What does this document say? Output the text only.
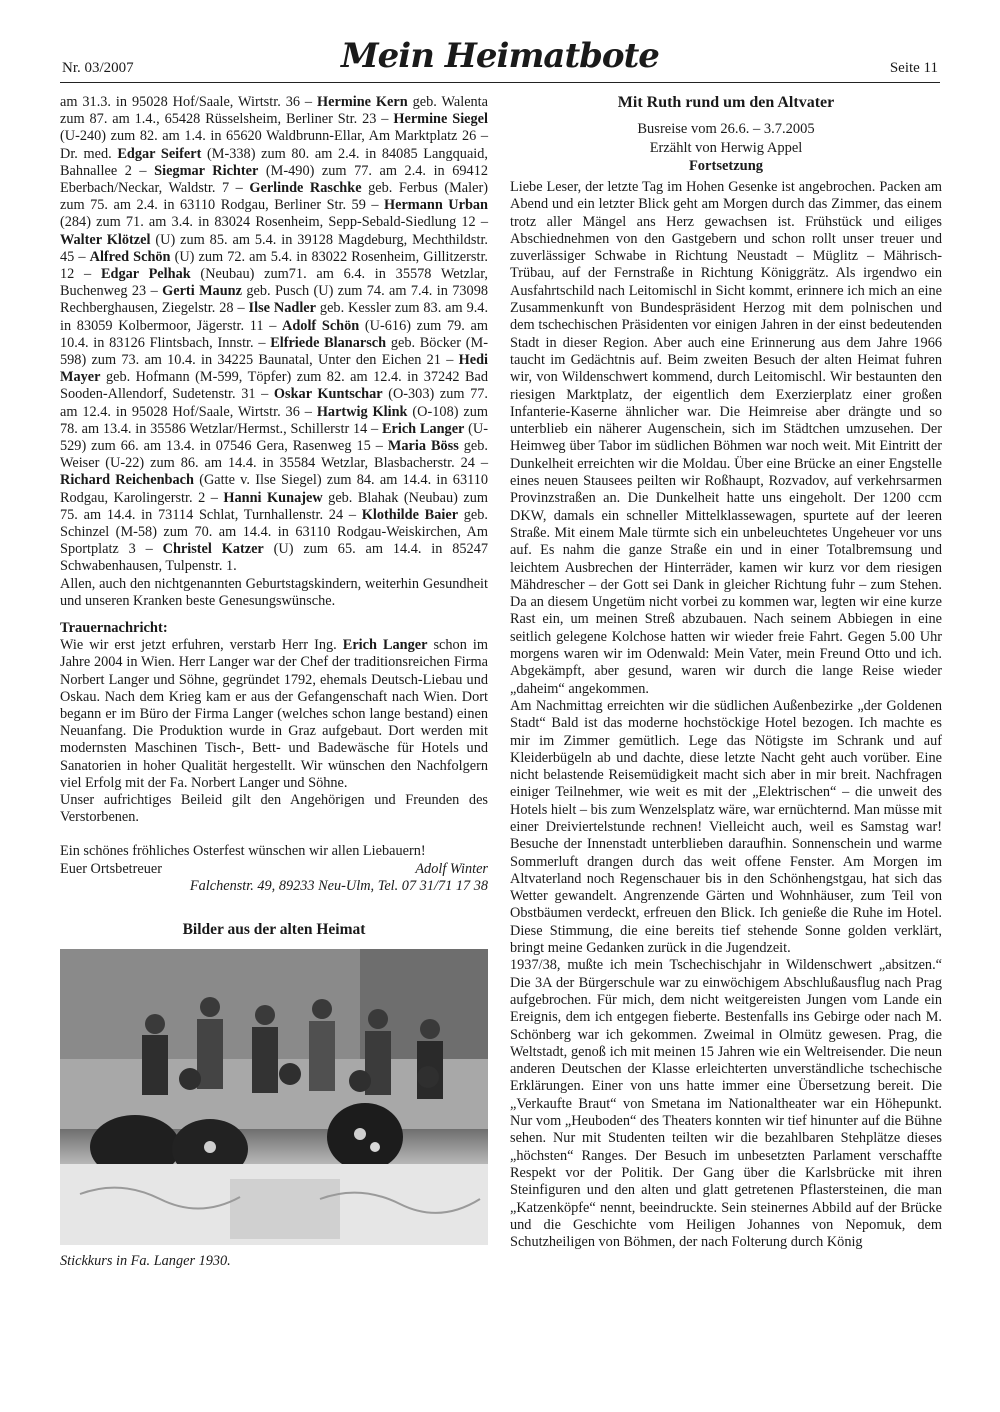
Nr. 03/2007	Mein Heimatbote	Seite 11

am 31.3. in 95028 Hof/Saale, Wirtstr. 36 – Hermine Kern geb. Walenta zum 87. am 1.4., 65428 Rüsselsheim, Berliner Str. 23 – Hermine Siegel (U-240) zum 82. am 1.4. in 65620 Waldbrunn-Ellar, Am Marktplatz 26 – Dr. med. Edgar Seifert (M-338) zum 80. am 2.4. in 84085 Langquaid, Bahnallee 2 – Siegmar Richter (M-490) zum 77. am 2.4. in 69412 Eberbach/Neckar, Waldstr. 7 – Gerlinde Raschke geb. Ferbus (Maler) zum 75. am 2.4. in 63110 Rodgau, Berliner Str. 59 – Hermann Urban (284) zum 71. am 3.4. in 83024 Rosenheim, Sepp-Sebald-Siedlung 12 – Walter Klötzel (U) zum 85. am 5.4. in 39128 Magdeburg, Mechthildstr. 45 – Alfred Schön (U) zum 72. am 5.4. in 83022 Rosenheim, Gillitzerstr. 12 – Edgar Pelhak (Neubau) zum71. am 6.4. in 35578 Wetzlar, Buchenweg 23 – Gerti Maunz geb. Pusch (U) zum 74. am 7.4. in 73098 Rechberghausen, Ziegelstr. 28 – Ilse Nadler geb. Kessler zum 83. am 9.4. in 83059 Kolbermoor, Jägerstr. 11 – Adolf Schön (U-616) zum 79. am 10.4. in 83126 Flintsbach, Innstr. – Elfriede Blanarsch geb. Böcker (M-598) zum 73. am 10.4. in 34225 Baunatal, Unter den Eichen 21 – Hedi Mayer geb. Hofmann (M-599, Töpfer) zum 82. am 12.4. in 37242 Bad Sooden-Allendorf, Sudetenstr. 31 – Oskar Kuntschar (O-303) zum 77. am 12.4. in 95028 Hof/Saale, Wirtstr. 36 – Hartwig Klink (O-108) zum 78. am 13.4. in 35586 Wetzlar/Hermst., Schillerstr 14 – Erich Langer (U-529) zum 66. am 13.4. in 07546 Gera, Rasenweg 15 – Maria Böss geb. Weiser (U-22) zum 86. am 14.4. in 35584 Wetzlar, Blasbacherstr. 24 – Richard Reichenbach (Gatte v. Ilse Siegel) zum 84. am 14.4. in 63110 Rodgau, Karolingerstr. 2 – Hanni Kunajew geb. Blahak (Neubau) zum 75. am 14.4. in 73114 Schlat, Turnhallenstr. 24 – Klothilde Baier geb. Schinzel (M-58) zum 70. am 14.4. in 63110 Rodgau-Weiskirchen, Am Sportplatz 3 – Christel Katzer (U) zum 65. am 14.4. in 85247 Schwabenhausen, Tulpenstr. 1.

Allen, auch den nichtgenannten Geburtstagskindern, weiterhin Gesundheit und unseren Kranken beste Genesungswünsche.

Trauernachricht:

Wie wir erst jetzt erfuhren, verstarb Herr Ing. Erich Langer schon im Jahre 2004 in Wien. Herr Langer war der Chef der traditionsreichen Firma Norbert Langer und Söhne, gegründet 1792, ehemals Deutsch-Liebau und Oskau. Nach dem Krieg kam er aus der Gefangenschaft nach Wien. Dort begann er im Büro der Firma Langer (welches schon lange bestand) einen Neuanfang. Die Produktion wurde in Graz aufgebaut. Dort werden mit modernsten Maschinen Tisch-, Bett- und Badewäsche für Hotels und Sanatorien in hoher Qualität hergestellt. Wir wünschen den Nachfolgern viel Erfolg mit der Fa. Norbert Langer und Söhne.

Unser aufrichtiges Beileid gilt den Angehörigen und Freunden des Verstorbenen.

Ein schönes fröhliches Osterfest wünschen wir allen Liebauern!

Euer Ortsbetreuer	Adolf Winter
Falchenstr. 49, 89233 Neu-Ulm, Tel. 07 31/71 17 38
Bilder aus der alten Heimat
Stickkurs in Fa. Langer 1930.
Mit Ruth rund um den Altvater
Busreise vom 26.6. – 3.7.2005
Erzählt von Herwig Appel
Fortsetzung

Liebe Leser, der letzte Tag im Hohen Gesenke ist angebrochen. Packen am Abend und ein letzter Blick geht am Morgen durch das Zimmer, das einem trotz aller Mängel ans Herz gewachsen ist. Frühstück und eiliges Abschiednehmen von den Gastgebern und schon rollt unser treuer und zuverlässiger Schwabe in Richtung Neustadt – Müglitz – Mährisch-Trübau, auf der Fernstraße in Richtung Königgrätz. Als irgendwo ein Ausfahrtschild nach Leitomischl in Sicht kommt, erinnere ich mich an eine Zusammenkunft von Bundespräsident Herzog mit dem polnischen und dem tschechischen Präsidenten vor einigen Jahren in der einst bedeutenden Stadt in dieser Region. Aber auch eine Erinnerung aus dem Jahre 1966 taucht im Gedächtnis auf. Beim zweiten Besuch der alten Heimat fuhren wir, von Wildenschwert kommend, durch Leitomischl. Wir bestaunten den riesigen Marktplatz, der eigentlich dem Exerzierplatz einer großen Infanterie-Kaserne ähnlicher war. Die Heimreise aber drängte und so unterblieb ein näherer Augenschein, sich im Städtchen umzusehen. Der Heimweg über Tabor im südlichen Böhmen war noch weit. Mit Eintritt der Dunkelheit erreichten wir die Moldau. Über eine Brücke an einer Engstelle eines neuen Stausees peilten wir Roßhaupt, Rozvadov, auf verkehrsarmen Provinzstraßen an. Die Dunkelheit hatte uns eingeholt. Der 1200 ccm DKW, damals ein schneller Mittelklassewagen, spurtete auf der leeren Straße. Mit einem Male türmte sich ein unbeleuchtetes Ungeheuer vor uns auf. Es nahm die ganze Straße ein und in einer Totalbremsung und leichtem Ausbrechen der Hinterräder, kamen wir kurz vor dem riesigen Mähdrescher – der Gott sei Dank in gleicher Richtung fuhr – zum Stehen. Da an diesem Ungetüm nicht vorbei zu kommen war, legten wir eine kurze Rast ein, um meinen Streß abzubauen. Nach seinem Abbiegen in eine seitlich gelegene Kolchose hatten wir wieder freie Fahrt. Gegen 5.00 Uhr morgens waren wir im Odenwald: Mein Vater, mein Freund Otto und ich. Abgekämpft, aber gesund, waren wir durch die lange Reise wieder „daheim“ angekommen.

Am Nachmittag erreichten wir die südlichen Außenbezirke „der Goldenen Stadt“ Bald ist das moderne hochstöckige Hotel bezogen. Ich machte es mir im Zimmer gemütlich. Lege das Nötigste im Schrank und auf Kleiderbügeln ab und dachte, diese letzte Nacht geht auch vorüber. Eine nicht belastende Reisemüdigkeit macht sich aber in mir breit. Nachfragen einiger Teilnehmer, wie weit es mit der „Elektrischen“ – die unweit des Hotels hielt – bis zum Wenzelsplatz wäre, war ernüchternd. Man müsse mit einer Dreiviertelstunde rechnen! Vielleicht auch, weil es Samstag war! Besuche der Innenstadt unterblieben daraufhin. Sonnenschein und warme Sommerluft drangen durch das weit offene Fenster. Am Morgen im Altvaterland noch Regenschauer bis in den Schönhengstgau, hat sich das Wetter gewandelt. Angrenzende Gärten und Wohnhäuser, zum Teil von Obstbäumen verdeckt, erfreuen den Blick. Ich genieße die Ruhe im Hotel. Diese Stimmung, die eine bereits tief stehende Sonne golden verklärt, bringt meine Gedanken zurück in die Jugendzeit.

1937/38, mußte ich mein Tschechischjahr in Wildenschwert „absitzen.“ Die 3A der Bürgerschule war zu einwöchigem Abschlußausflug nach Prag aufgebrochen. Für mich, dem nicht weitgereisten Jungen vom Lande ein Ereignis, dem ich entgegen fieberte. Bestenfalls ins Gebirge oder nach M. Schönberg war ich gekommen. Zweimal in Olmütz gewesen. Prag, die Weltstadt, genoß ich mit meinen 15 Jahren wie ein Weltreisender. Die neun anderen Deutschen der Klasse erleichterten unverständliche tschechische Erklärungen. Einer von uns hatte immer eine Übersetzung bereit. Die „Verkaufte Braut“ von Smetana im Nationaltheater war ein Höhepunkt. Nur vom „Heuboden“ des Theaters konnten wir tief hinunter auf die Bühne sehen. Nur mit Studenten teilten wir die bezahlbaren Stehplätze dieses „höchsten“ Ranges. Der Besuch im unbesetzten Parlament verschaffte Respekt vor der Politik. Der Gang über die Karlsbrücke mit ihren Steinfiguren und den alten und glatt getretenen Pflastersteinen, die man „Katzenköpfe“ nennt, beeindruckte. Sein steinernes Abbild auf der Brücke und die Geschichte vom Heiligen Johannes von Nepomuk, dem Schutzheiligen von Böhmen, der nach Folterung durch König
